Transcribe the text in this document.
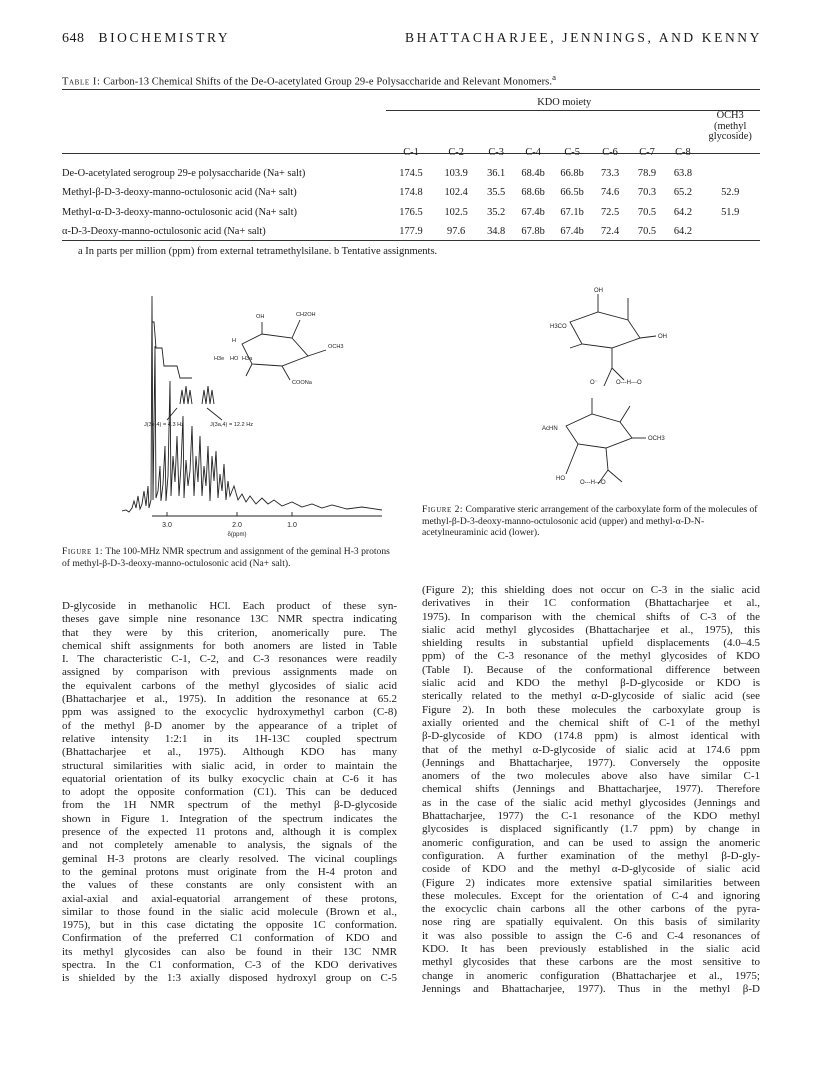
648 BIOCHEMISTRY	BHATTACHARJEE, JENNINGS, AND KENNY
Table I: Carbon-13 Chemical Shifts of the De-O-acetylated Group 29-e Polysaccharide and Relevant Monomers.$^a$
	KDO moiety								

									OCH3
(methyl
glycoside)

	C-1	C-2	C-3	C-4	C-5	C-6	C-7	C-8	

De-O-acetylated serogroup 29-e polysaccharide (Na+ salt)	174.5	103.9	36.1	68.4b	66.8b	73.3	78.9	63.8	
Methyl-β-D-3-deoxy-manno-octulosonic acid (Na+ salt)	174.8	102.4	35.5	68.6b	66.5b	74.6	70.3	65.2	52.9
Methyl-α-D-3-deoxy-manno-octulosonic acid (Na+ salt)	176.5	102.5	35.2	67.4b	67.1b	72.5	70.5	64.2	51.9
α-D-3-Deoxy-manno-octulosonic acid (Na+ salt)	177.9	97.6	34.8	67.8b	67.4b	72.4	70.5	64.2	
a In parts per million (ppm) from external tetramethylsilane. b Tentative assignments.
OH	CH2OH
H
OCH3
HO
COONa
H3e	H3a
J(3e,4) = 4.3 Hz	J(3a,4) = 12.2 Hz
3.0	2.0	1.0
δ(ppm)
Figure 1: The 100-MHz NMR spectrum and assignment of the geminal H-3 protons of methyl-β-D-3-deoxy-manno-octulosonic acid (Na+ salt).
OH
H3CO
OH
O⁻	O---H---O
AcHN
OCH3
HO
O---H---O
Figure 2: Comparative steric arrangement of the carboxylate form of the molecules of methyl-β-D-3-deoxy-manno-octulosonic acid (upper) and methyl-α-D-N-acetylneuraminic acid (lower).
D-glycoside in methanolic HCl. Each product of these syn-
theses gave simple nine resonance 13C NMR spectra indicating
that they were by this criterion, anomerically pure. The
chemical shift assignments for both anomers are listed in Table
I. The characteristic C-1, C-2, and C-3 resonances were readily
assigned by comparison with previous assignments made on
the equivalent carbons of the methyl glycosides of sialic acid
(Bhattacharjee et al., 1975). In addition the resonance at 65.2
ppm was assigned to the exocyclic hydroxymethyl carbon (C-8)
of the methyl β-D anomer by the appearance of a triplet of
relative intensity 1:2:1 in its 1H-13C coupled spectrum
(Bhattacharjee et al., 1975). Although KDO has many
structural similarities with sialic acid, in order to maintain the
equatorial orientation of its bulky exocyclic chain at C-6 it has
to adopt the opposite conformation (C1). This can be deduced
from the 1H NMR spectrum of the methyl β-D-glycoside
shown in Figure 1. Integration of the spectrum indicates the
presence of the expected 11 protons and, although it is complex
and not completely amenable to analysis, the signals of the
geminal H-3 protons are clearly resolved. The vicinal couplings
to the geminal protons must originate from the H-4 proton and
the values of these constants are only consistent with an
axial-axial and axial-equatorial arrangement of these protons,
similar to those found in the sialic acid molecule (Brown et al.,
1975), but in this case dictating the opposite 1C conformation.
Confirmation of the preferred C1 conformation of KDO and
its methyl glycosides can also be found in their 13C NMR
spectra. In the C1 conformation, C-3 of the KDO derivatives
is shielded by the 1:3 axially disposed hydroxyl group on C-5
(Figure 2); this shielding does not occur on C-3 in the sialic acid
derivatives in their 1C conformation (Bhattacharjee et al.,
1975). In comparison with the chemical shifts of C-3 of the
sialic acid methyl glycosides (Bhattacharjee et al., 1975), this
shielding results in substantial upfield displacements (4.0–4.5
ppm) of the C-3 resonance of the methyl glycosides of KDO
(Table I). Because of the conformational difference between
sialic acid and KDO the methyl β-D-glycoside or KDO is
sterically related to the methyl α-D-glycoside of sialic acid (see
Figure 2). In both these molecules the carboxylate group is
axially oriented and the chemical shift of C-1 of the methyl
β-D-glycoside of KDO (174.8 ppm) is almost identical with
that of the methyl α-D-glycoside of sialic acid at 174.6 ppm
(Jennings and Bhattacharjee, 1977). Conversely the opposite
anomers of the two molecules above also have similar C-1
chemical shifts (Jennings and Bhattacharjee, 1977). Therefore
as in the case of the sialic acid methyl glycosides (Jennings and
Bhattacharjee, 1977) the C-1 resonance of the KDO methyl
glycosides is displaced significantly (1.7 ppm) by change in
anomeric configuration, and can be used to assign the anomeric
configuration. A further examination of the methyl β-D-gly-
coside of KDO and the methyl α-D-glycoside of sialic acid
(Figure 2) indicates more extensive spatial similarities between
these molecules. Except for the orientation of C-4 and ignoring
the exocyclic chain carbons all the other carbons of the pyra-
nose ring are spatially equivalent. On this basis of similarity
it was also possible to assign the C-6 and C-4 resonances of
KDO. It has been previously established in the sialic acid
methyl glycosides that these carbons are the most sensitive to
change in anomeric configuration (Bhattacharjee et al., 1975;
Jennings and Bhattacharjee, 1977). Thus in the methyl β-D
